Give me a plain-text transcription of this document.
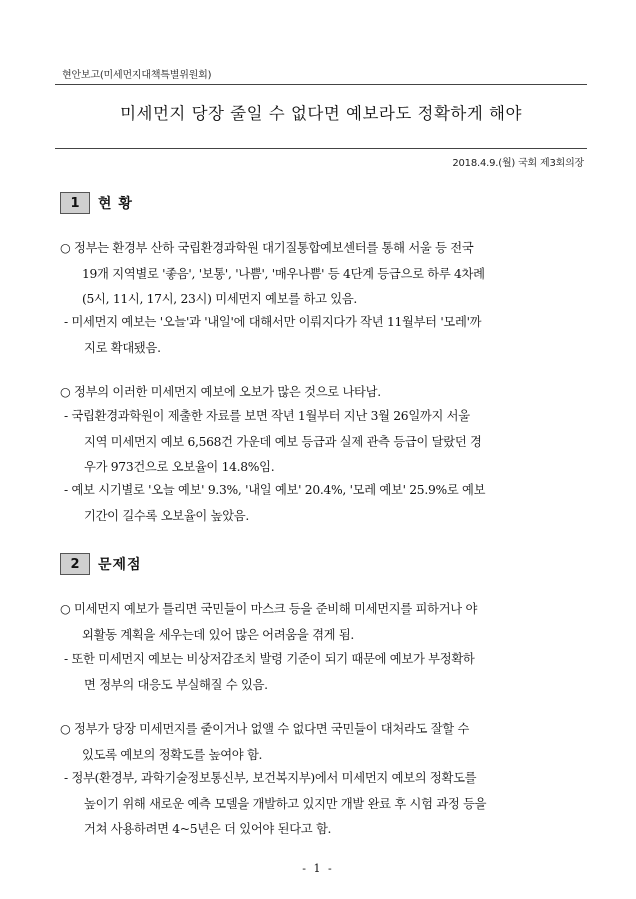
현안보고(미세먼지대책특별위원회)
미세먼지 당장 줄일 수 없다면 예보라도 정확하게 해야
2018.4.9.(월) 국회 제3회의장
1	현 황
○ 정부는 환경부 산하 국립환경과학원 대기질통합예보센터를 통해 서울 등 전국
19개 지역별로 '좋음', '보통', '나쁨', '매우나쁨' 등 4단계 등급으로 하루 4차례
(5시, 11시, 17시, 23시) 미세먼지 예보를 하고 있음.
- 미세먼지 예보는 '오늘'과 '내일'에 대해서만 이뤄지다가 작년 11월부터 '모레'까
지로 확대됐음.
○ 정부의 이러한 미세먼지 예보에 오보가 많은 것으로 나타남.
- 국립환경과학원이 제출한 자료를 보면 작년 1월부터 지난 3월 26일까지 서울
지역 미세먼지 예보 6,568건 가운데 예보 등급과 실제 관측 등급이 달랐던 경
우가 973건으로 오보율이 14.8%임.
- 예보 시기별로 '오늘 예보' 9.3%, '내일 예보' 20.4%, '모레 예보' 25.9%로 예보
기간이 길수록 오보율이 높았음.
2	문제점
○ 미세먼지 예보가 틀리면 국민들이 마스크 등을 준비해 미세먼지를 피하거나 야
외활동 계획을 세우는데 있어 많은 어려움을 겪게 됨.
- 또한 미세먼지 예보는 비상저감조치 발령 기준이 되기 때문에 예보가 부정확하
면 정부의 대응도 부실해질 수 있음.
○ 정부가 당장 미세먼지를 줄이거나 없앨 수 없다면 국민들이 대처라도 잘할 수
있도록 예보의 정확도를 높여야 함.
- 정부(환경부, 과학기술정보통신부, 보건복지부)에서 미세먼지 예보의 정확도를
높이기 위해 새로운 예측 모델을 개발하고 있지만 개발 완료 후 시험 과정 등을
거쳐 사용하려면 4~5년은 더 있어야 된다고 함.
- 1 -
